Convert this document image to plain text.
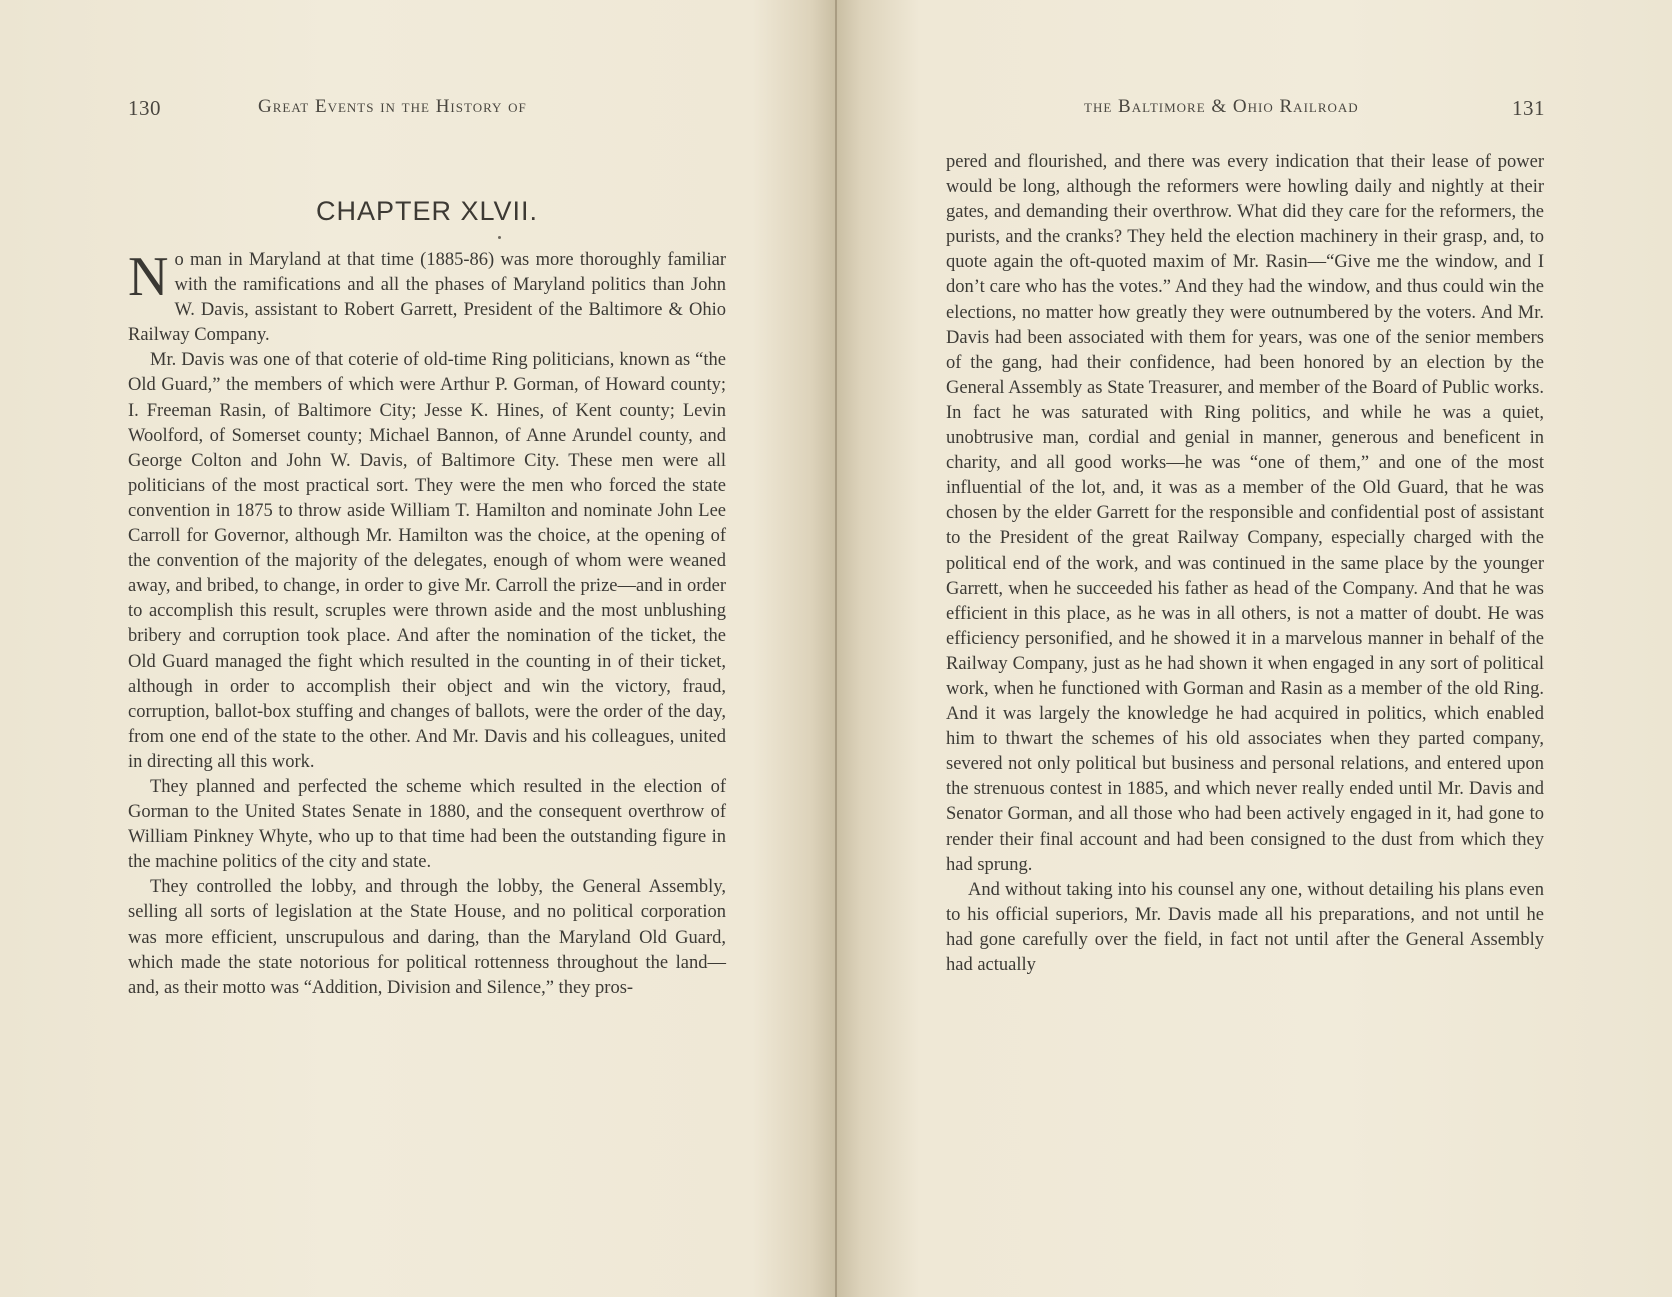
130	Great Events in the History of
CHAPTER XLVII.

No man in Maryland at that time (1885-86) was more thoroughly familiar with the ramifications and all the phases of Maryland politics than John W. Davis, assistant to Robert Garrett, President of the Baltimore & Ohio Railway Company.

Mr. Davis was one of that coterie of old-time Ring politicians, known as “the Old Guard,” the members of which were Arthur P. Gorman, of Howard county; I. Freeman Rasin, of Baltimore City; Jesse K. Hines, of Kent county; Levin Woolford, of Somerset county; Michael Bannon, of Anne Arundel county, and George Colton and John W. Davis, of Baltimore City. These men were all politicians of the most practical sort. They were the men who forced the state convention in 1875 to throw aside William T. Hamilton and nominate John Lee Carroll for Governor, although Mr. Hamilton was the choice, at the opening of the convention of the majority of the delegates, enough of whom were weaned away, and bribed, to change, in order to give Mr. Carroll the prize—and in order to accomplish this result, scruples were thrown aside and the most unblushing bribery and corruption took place. And after the nomination of the ticket, the Old Guard managed the fight which resulted in the counting in of their ticket, although in order to accomplish their object and win the victory, fraud, corruption, ballot-box stuffing and changes of ballots, were the order of the day, from one end of the state to the other. And Mr. Davis and his colleagues, united in directing all this work.

They planned and perfected the scheme which resulted in the election of Gorman to the United States Senate in 1880, and the consequent overthrow of William Pinkney Whyte, who up to that time had been the outstanding figure in the machine politics of the city and state.

They controlled the lobby, and through the lobby, the General Assembly, selling all sorts of legislation at the State House, and no political corporation was more efficient, unscrupulous and daring, than the Maryland Old Guard, which made the state notorious for political rottenness throughout the land—and, as their motto was “Addition, Division and Silence,” they pros-

the Baltimore & Ohio Railroad	131

pered and flourished, and there was every indication that their lease of power would be long, although the reformers were howling daily and nightly at their gates, and demanding their overthrow. What did they care for the reformers, the purists, and the cranks? They held the election machinery in their grasp, and, to quote again the oft-quoted maxim of Mr. Rasin—“Give me the window, and I don’t care who has the votes.” And they had the window, and thus could win the elections, no matter how greatly they were outnumbered by the voters. And Mr. Davis had been associated with them for years, was one of the senior members of the gang, had their confidence, had been honored by an election by the General Assembly as State Treasurer, and member of the Board of Public works. In fact he was saturated with Ring politics, and while he was a quiet, unobtrusive man, cordial and genial in manner, generous and beneficent in charity, and all good works—he was “one of them,” and one of the most influential of the lot, and, it was as a member of the Old Guard, that he was chosen by the elder Garrett for the responsible and confidential post of assistant to the President of the great Railway Company, especially charged with the political end of the work, and was continued in the same place by the younger Garrett, when he succeeded his father as head of the Company. And that he was efficient in this place, as he was in all others, is not a matter of doubt. He was efficiency personified, and he showed it in a marvelous manner in behalf of the Railway Company, just as he had shown it when engaged in any sort of political work, when he functioned with Gorman and Rasin as a member of the old Ring. And it was largely the knowledge he had acquired in politics, which enabled him to thwart the schemes of his old associates when they parted company, severed not only political but business and personal relations, and entered upon the strenuous contest in 1885, and which never really ended until Mr. Davis and Senator Gorman, and all those who had been actively engaged in it, had gone to render their final account and had been consigned to the dust from which they had sprung.

And without taking into his counsel any one, without detailing his plans even to his official superiors, Mr. Davis made all his preparations, and not until he had gone carefully over the field, in fact not until after the General Assembly had actually
